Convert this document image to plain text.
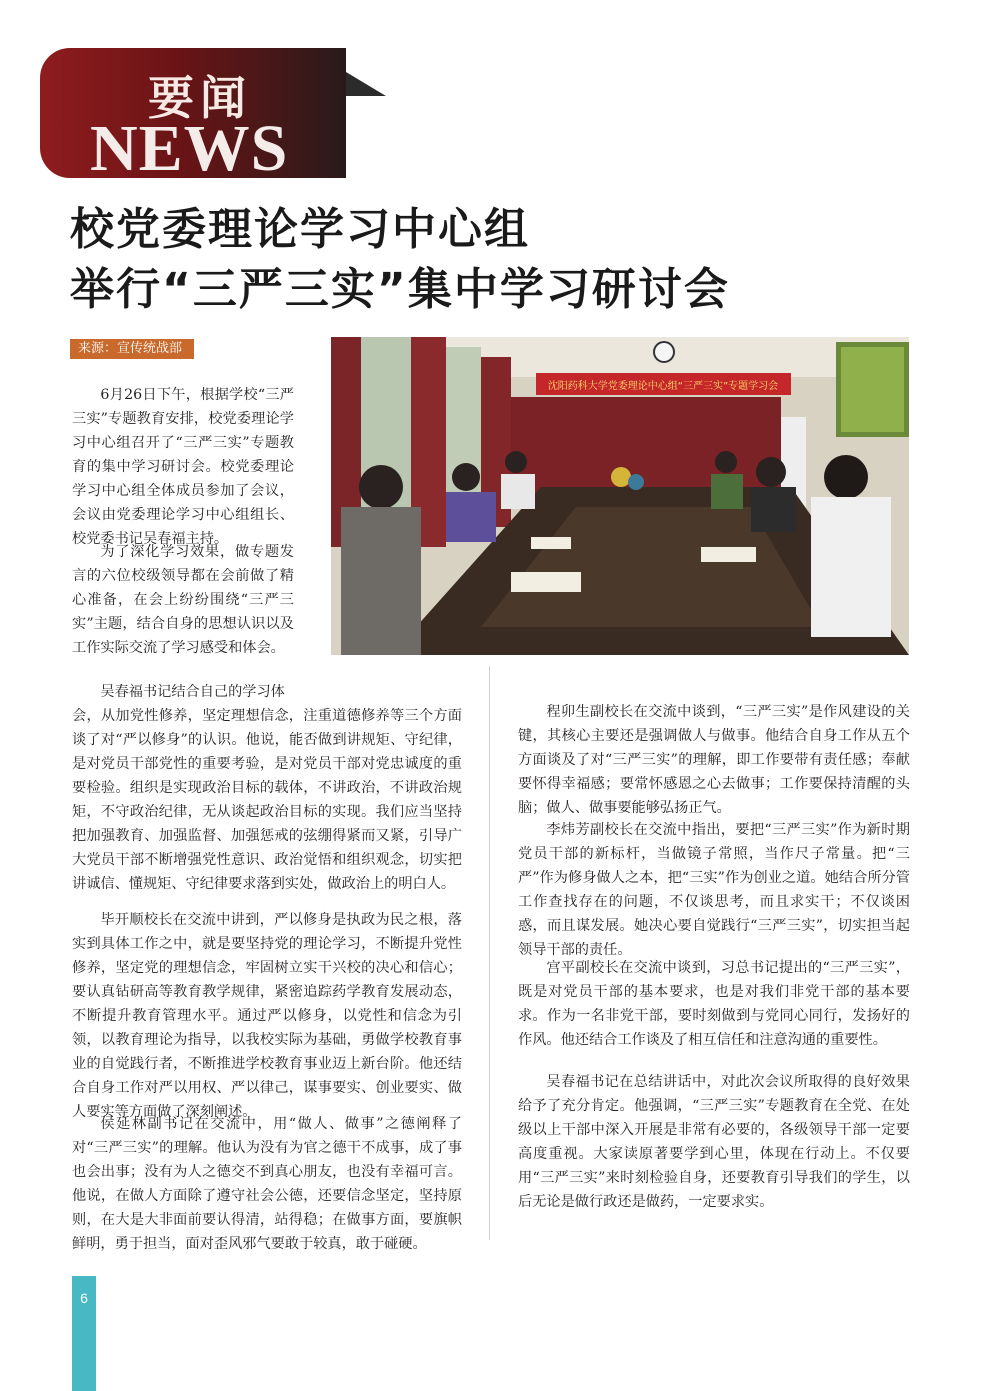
要闻
NEWS
校党委理论学习中心组
举行“三严三实”集中学习研讨会
来源：宣传统战部
沈阳药科大学党委理论中心组“三严三实”专题学习会

6月26日下午，根据学校“三严三实”专题教育安排，校党委理论学习中心组召开了“三严三实”专题教育的集中学习研讨会。校党委理论学习中心组全体成员参加了会议，会议由党委理论学习中心组组长、校党委书记吴春福主持。

为了深化学习效果，做专题发言的六位校级领导都在会前做了精心准备，在会上纷纷围绕“三严三实”主题，结合自身的思想认识以及工作实际交流了学习感受和体会。

吴春福书记结合自己的学习体

会，从加党性修养，坚定理想信念，注重道德修养等三个方面谈了对“严以修身”的认识。他说，能否做到讲规矩、守纪律，是对党员干部党性的重要考验，是对党员干部对党忠诚度的重要检验。组织是实现政治目标的载体，不讲政治，不讲政治规矩，不守政治纪律，无从谈起政治目标的实现。我们应当坚持把加强教育、加强监督、加强惩戒的弦绷得紧而又紧，引导广大党员干部不断增强党性意识、政治觉悟和组织观念，切实把讲诚信、懂规矩、守纪律要求落到实处，做政治上的明白人。

毕开顺校长在交流中讲到，严以修身是执政为民之根，落实到具体工作之中，就是要坚持党的理论学习，不断提升党性修养，坚定党的理想信念，牢固树立实干兴校的决心和信心；要认真钻研高等教育教学规律，紧密追踪药学教育发展动态，不断提升教育管理水平。通过严以修身，以党性和信念为引领，以教育理论为指导，以我校实际为基础，勇做学校教育事业的自觉践行者，不断推进学校教育事业迈上新台阶。他还结合自身工作对严以用权、严以律己，谋事要实、创业要实、做人要实等方面做了深刻阐述。

侯延林副书记在交流中，用“做人、做事”之德阐释了对“三严三实”的理解。他认为没有为官之德干不成事，成了事也会出事；没有为人之德交不到真心朋友，也没有幸福可言。他说，在做人方面除了遵守社会公德，还要信念坚定，坚持原则，在大是大非面前要认得清，站得稳；在做事方面，要旗帜鲜明，勇于担当，面对歪风邪气要敢于较真，敢于碰硬。

程卯生副校长在交流中谈到，“三严三实”是作风建设的关键，其核心主要还是强调做人与做事。他结合自身工作从五个方面谈及了对“三严三实”的理解，即工作要带有责任感；奉献要怀得幸福感；要常怀感恩之心去做事；工作要保持清醒的头脑；做人、做事要能够弘扬正气。

李炜芳副校长在交流中指出，要把“三严三实”作为新时期党员干部的新标杆，当做镜子常照，当作尺子常量。把“三严”作为修身做人之本，把“三实”作为创业之道。她结合所分管工作查找存在的问题，不仅谈思考，而且求实干；不仅谈困惑，而且谋发展。她决心要自觉践行“三严三实”，切实担当起领导干部的责任。

宫平副校长在交流中谈到，习总书记提出的“三严三实”，既是对党员干部的基本要求，也是对我们非党干部的基本要求。作为一名非党干部，要时刻做到与党同心同行，发扬好的作风。他还结合工作谈及了相互信任和注意沟通的重要性。

吴春福书记在总结讲话中，对此次会议所取得的良好效果给予了充分肯定。他强调，“三严三实”专题教育在全党、在处级以上干部中深入开展是非常有必要的，各级领导干部一定要高度重视。大家读原著要学到心里，体现在行动上。不仅要用“三严三实”来时刻检验自身，还要教育引导我们的学生，以后无论是做行政还是做药，一定要求实。

6
